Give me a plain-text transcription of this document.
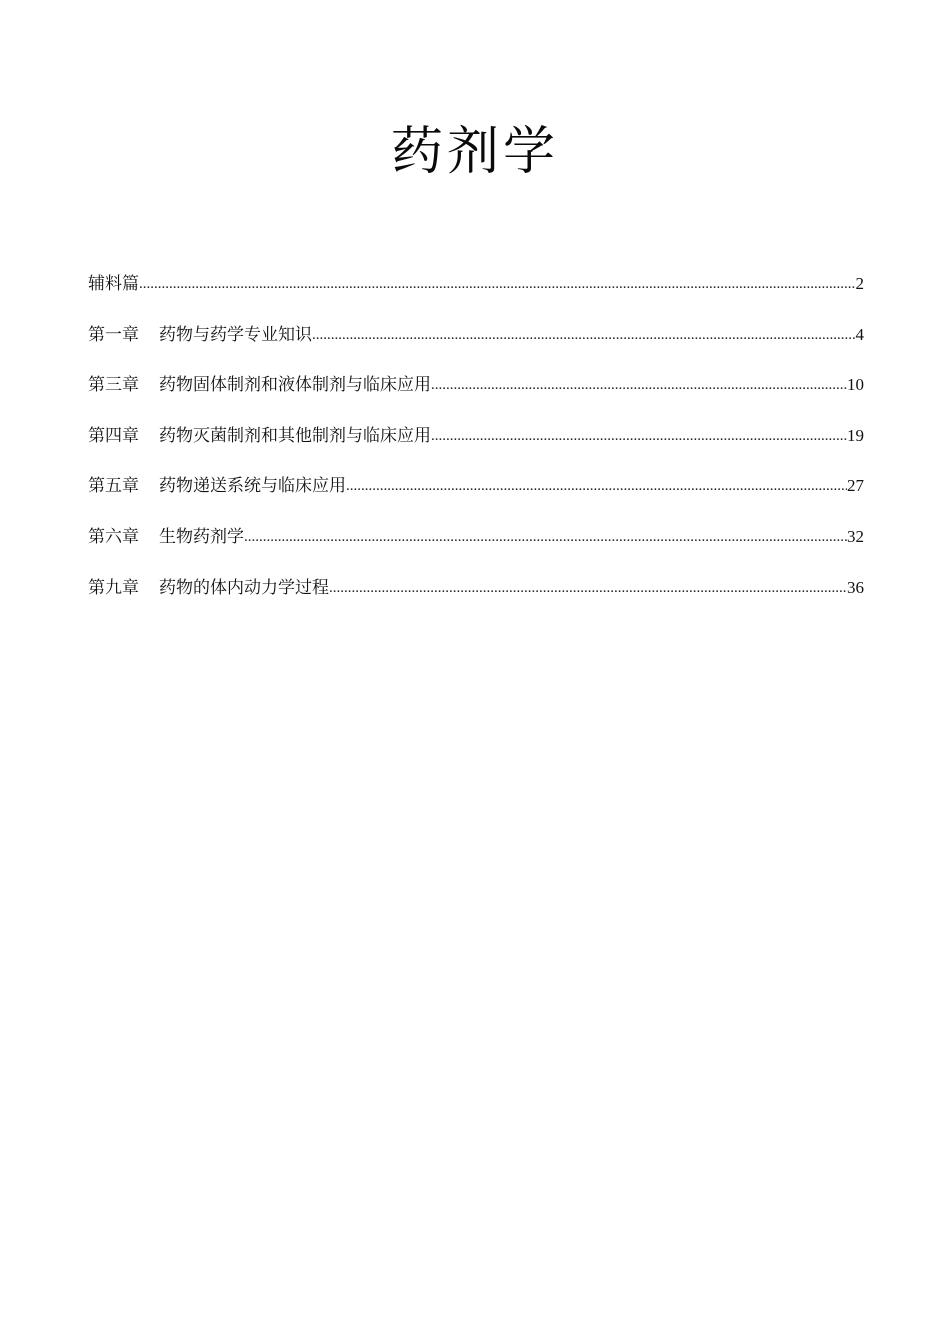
药剂学
辅料篇 .....	2
第一章 药物与药学专业知识 .....	4
第三章 药物固体制剂和液体制剂与临床应用 .....	10
第四章 药物灭菌制剂和其他制剂与临床应用 .....	19
第五章 药物递送系统与临床应用 .....	27
第六章 生物药剂学 .....	32
第九章 药物的体内动力学过程 .....	36
